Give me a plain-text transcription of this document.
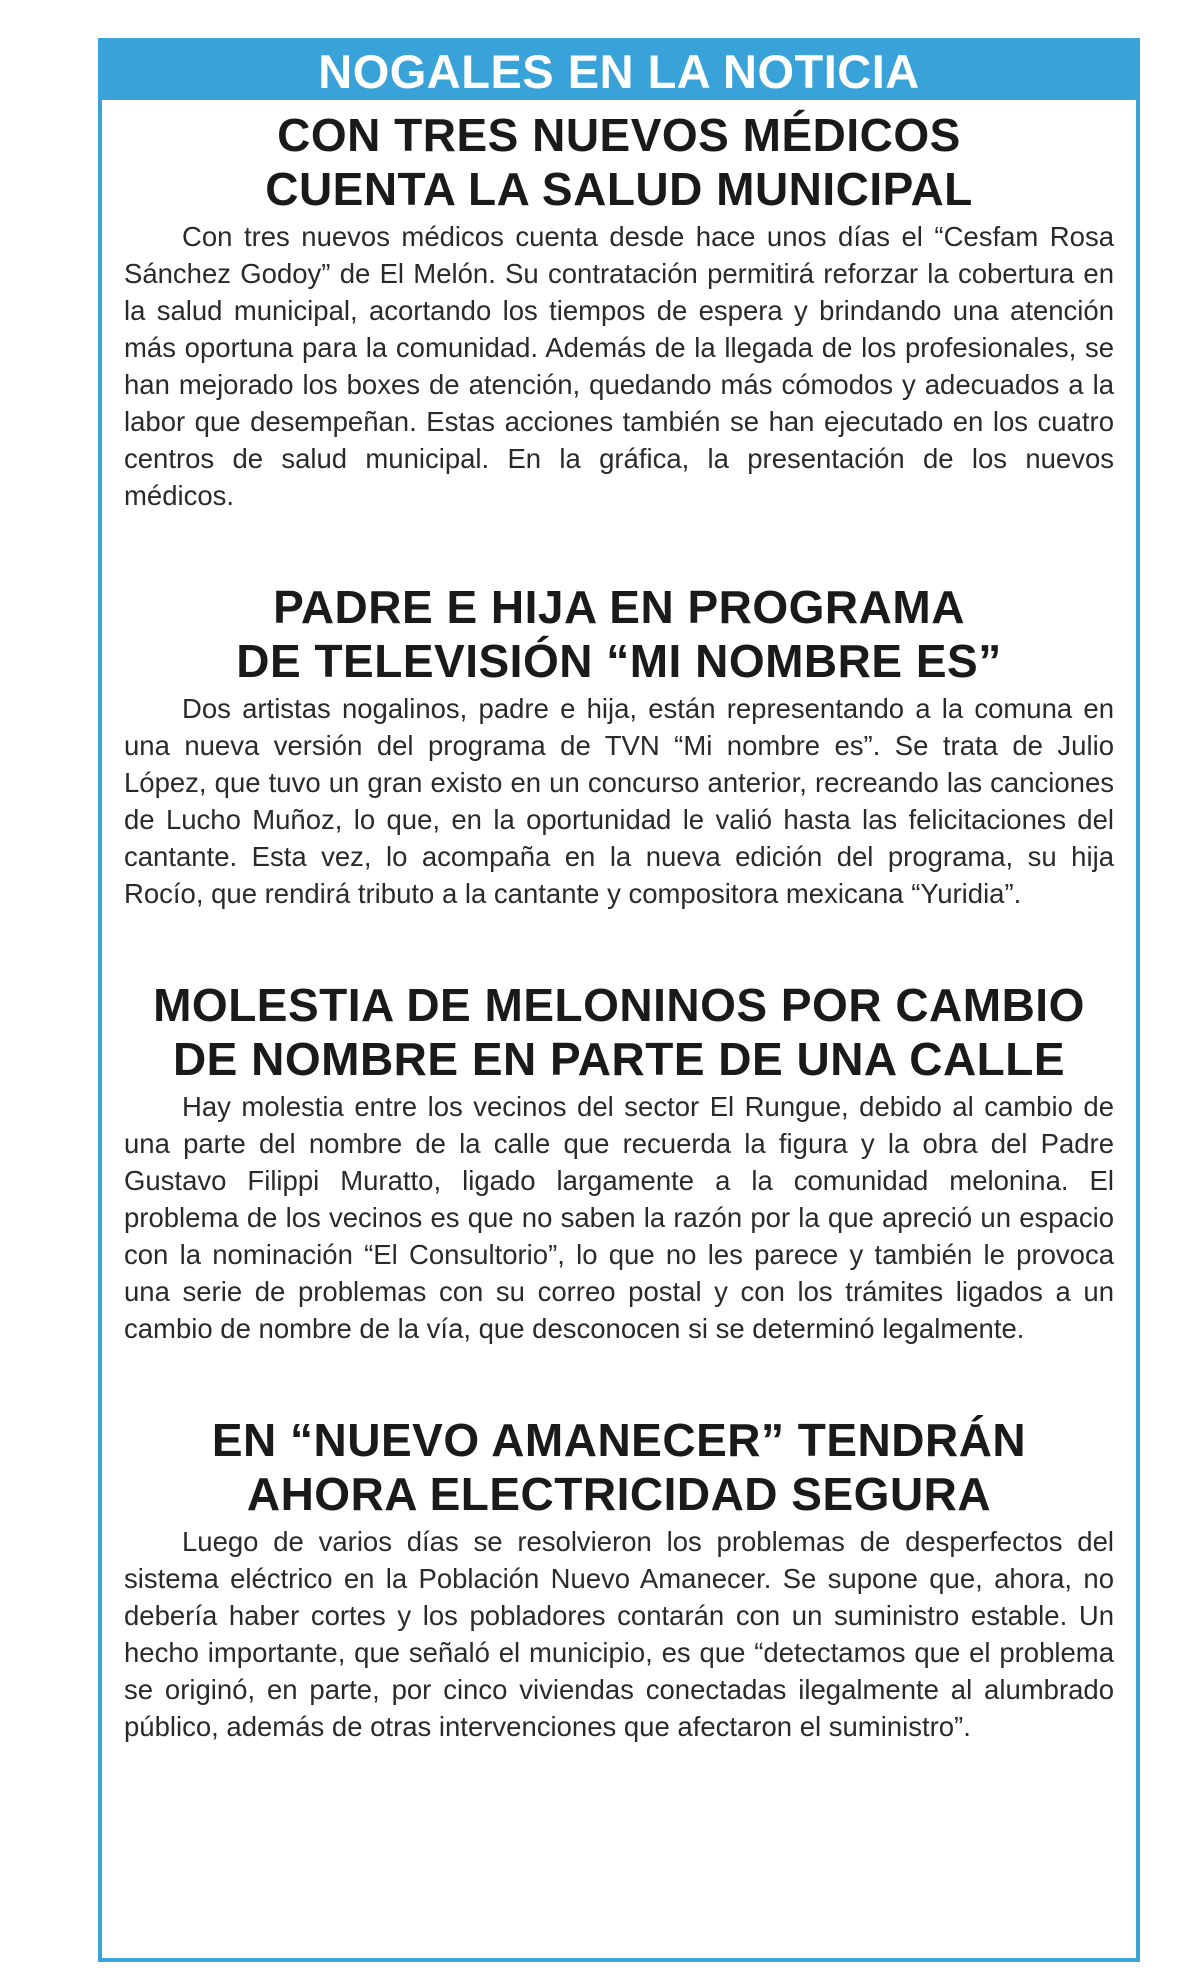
NOGALES EN LA NOTICIA
CON TRES NUEVOS MÉDICOS
CUENTA LA SALUD MUNICIPAL

Con tres nuevos médicos cuenta desde hace unos días el “Cesfam Rosa Sánchez Godoy” de El Melón. Su contratación permitirá reforzar la cobertura en la salud municipal, acortando los tiempos de espera y brindando una atención más oportuna para la comunidad. Además de la llegada de los profesionales, se han mejorado los boxes de atención, quedando más cómodos y adecuados a la labor que desempeñan. Estas acciones también se han ejecutado en los cuatro centros de salud municipal. En la gráfica, la presentación de los nuevos médicos.

PADRE E HIJA EN PROGRAMA
DE TELEVISIÓN “MI NOMBRE ES”

Dos artistas nogalinos, padre e hija, están representando a la comuna en una nueva versión del programa de TVN “Mi nombre es”. Se trata de Julio López, que tuvo un gran existo en un concurso anterior, recreando las canciones de Lucho Muñoz, lo que, en la oportunidad le valió hasta las felicitaciones del cantante. Esta vez, lo acompaña en la nueva edición del programa, su hija Rocío, que rendirá tributo a la cantante y compositora mexicana “Yuridia”.

MOLESTIA DE MELONINOS POR CAMBIO
DE NOMBRE EN PARTE DE UNA CALLE

Hay molestia entre los vecinos del sector El Rungue, debido al cambio de una parte del nombre de la calle que recuerda la figura y la obra del Padre Gustavo Filippi Muratto, ligado largamente a la comunidad melonina. El problema de los vecinos es que no saben la razón por la que apreció un espacio con la nominación “El Consultorio”, lo que no les parece y también le provoca una serie de problemas con su correo postal y con los trámites ligados a un cambio de nombre de la vía, que desconocen si se determinó legalmente.

EN “NUEVO AMANECER” TENDRÁN
AHORA ELECTRICIDAD SEGURA

Luego de varios días se resolvieron los problemas de desperfectos del sistema eléctrico en la Población Nuevo Amanecer. Se supone que, ahora, no debería haber cortes y los pobladores contarán con un suministro estable. Un hecho importante, que señaló el municipio, es que “detectamos que el problema se originó, en parte, por cinco viviendas conectadas ilegalmente al alumbrado público, además de otras intervenciones que afectaron el suministro”.
